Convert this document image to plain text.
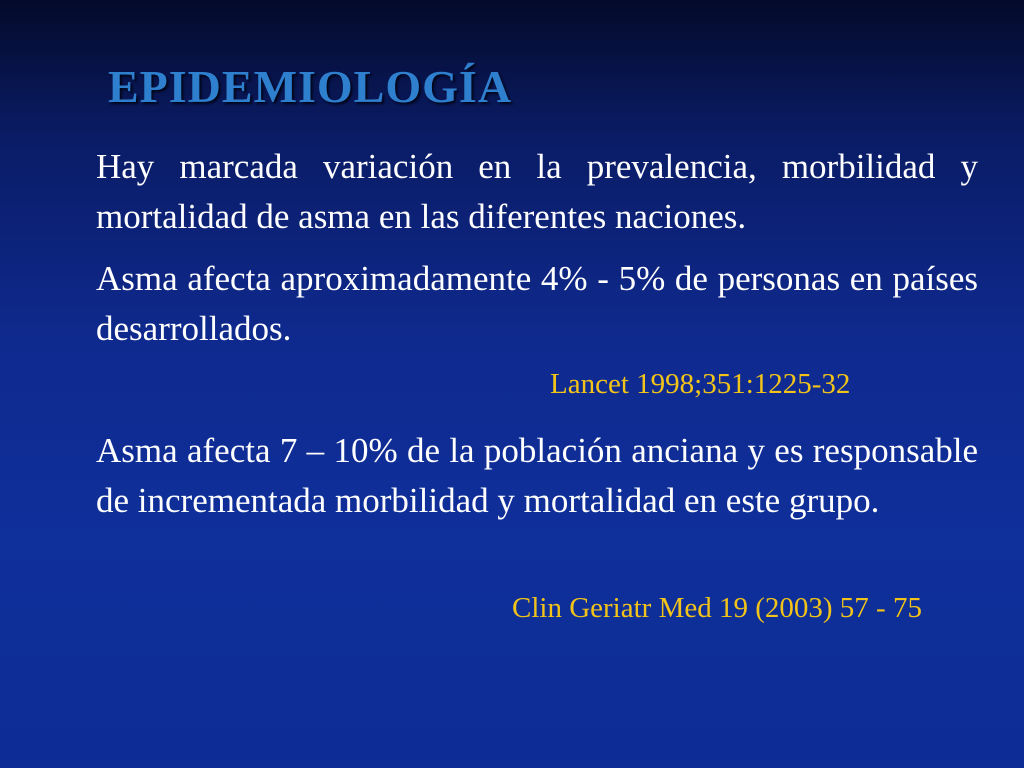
EPIDEMIOLOGÍA

Hay marcada variación en la prevalencia, morbilidad y mortalidad de asma en las diferentes naciones.

Asma afecta aproximadamente 4% - 5% de personas en países desarrollados.

Lancet 1998;351:1225-32

Asma afecta 7 – 10% de la población anciana y es responsable de incrementada morbilidad y mortalidad en este grupo.

Clin Geriatr Med 19 (2003) 57 - 75
